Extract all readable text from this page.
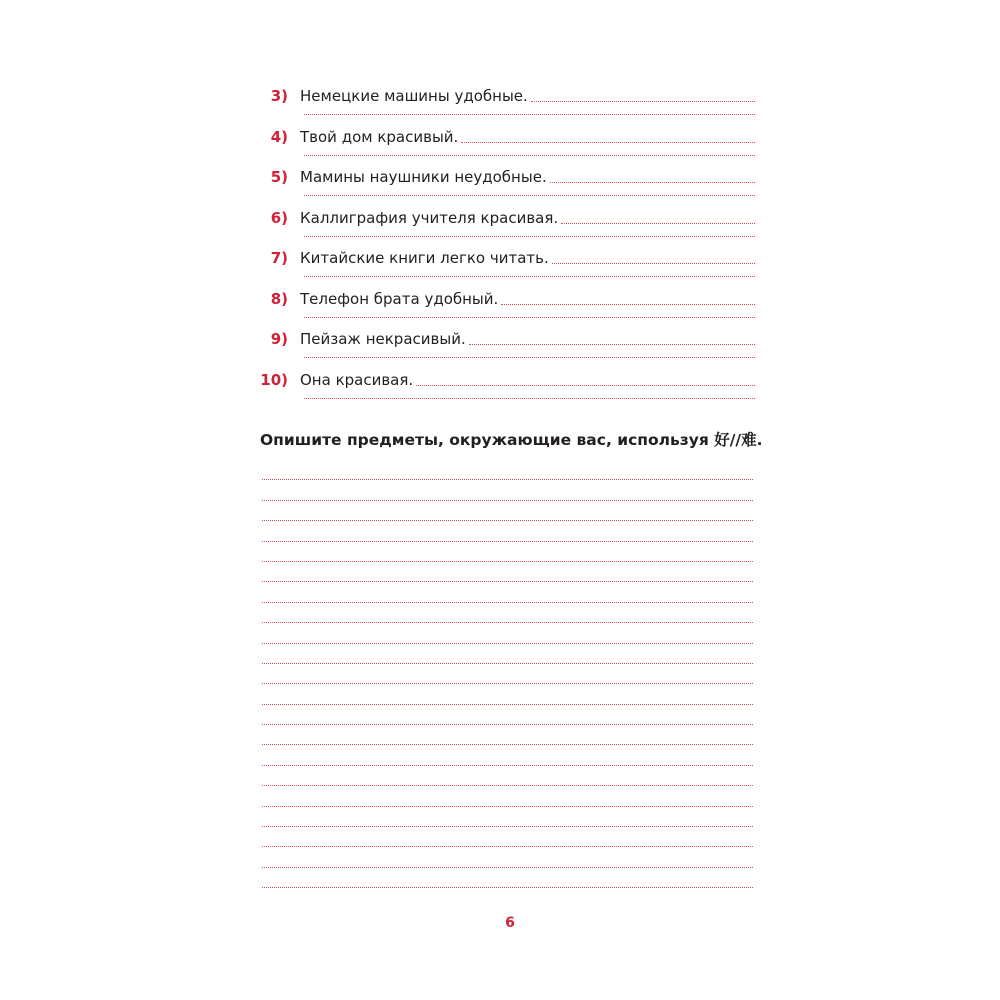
3) Немецкие машины удобные.
4) Твой дом красивый.
5) Мамины наушники неудобные.
6) Каллиграфия учителя красивая.
7) Китайские книги легко читать.
8) Телефон брата удобный.
9) Пейзаж некрасивый.
10) Она красивая.
Опишите предметы, окружающие вас, используя 好//难.
6
